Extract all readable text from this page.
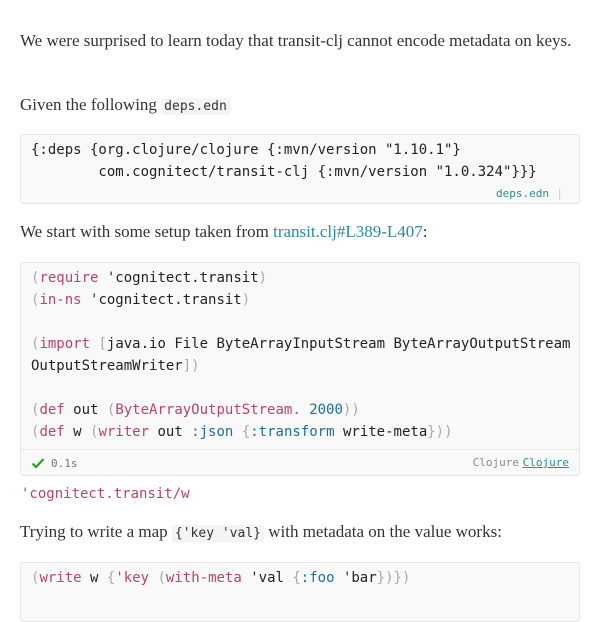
We were surprised to learn today that transit-clj cannot encode metadata on keys.
Given the following deps.edn
{:deps {org.clojure/clojure {:mvn/version "1.10.1"}
com.cognitect/transit-clj {:mvn/version "1.0.324"}}}
deps.edn |
We start with some setup taken from transit.clj#L389-L407:
(require 'cognitect.transit)
(in-ns 'cognitect.transit)
(import [java.io File ByteArrayInputStream ByteArrayOutputStream
OutputStreamWriter])
(def out (ByteArrayOutputStream. 2000))
(def w (writer out :json {:transform write-meta}))
0.1s	Clojure Clojure
'cognitect.transit/w
Trying to write a map {'key 'val} with metadata on the value works:
(write w {'key (with-meta 'val {:foo 'bar})})
